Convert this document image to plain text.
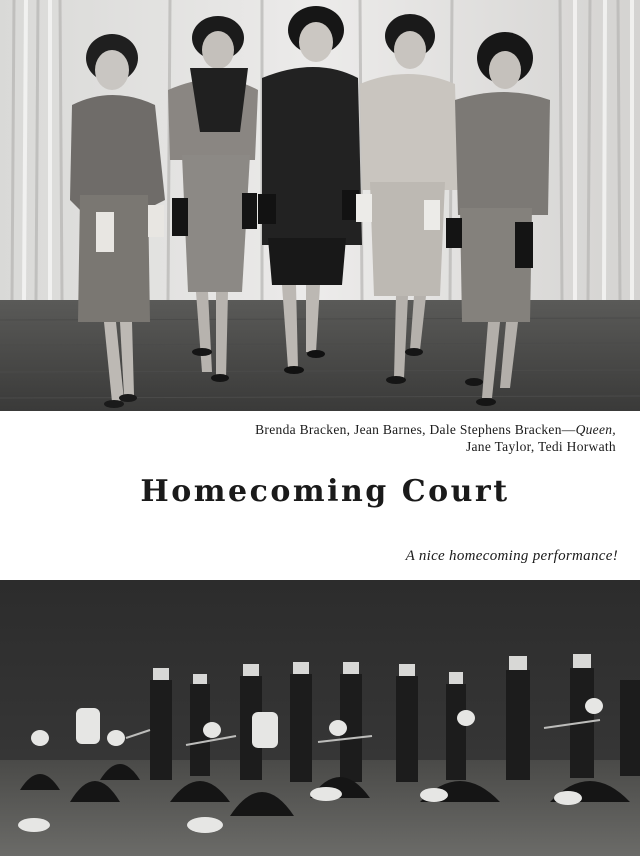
Brenda Bracken, Jean Barnes, Dale Stephens Bracken—Queen,
Jane Taylor, Tedi Horwath
Homecoming Court
A nice homecoming performance!
